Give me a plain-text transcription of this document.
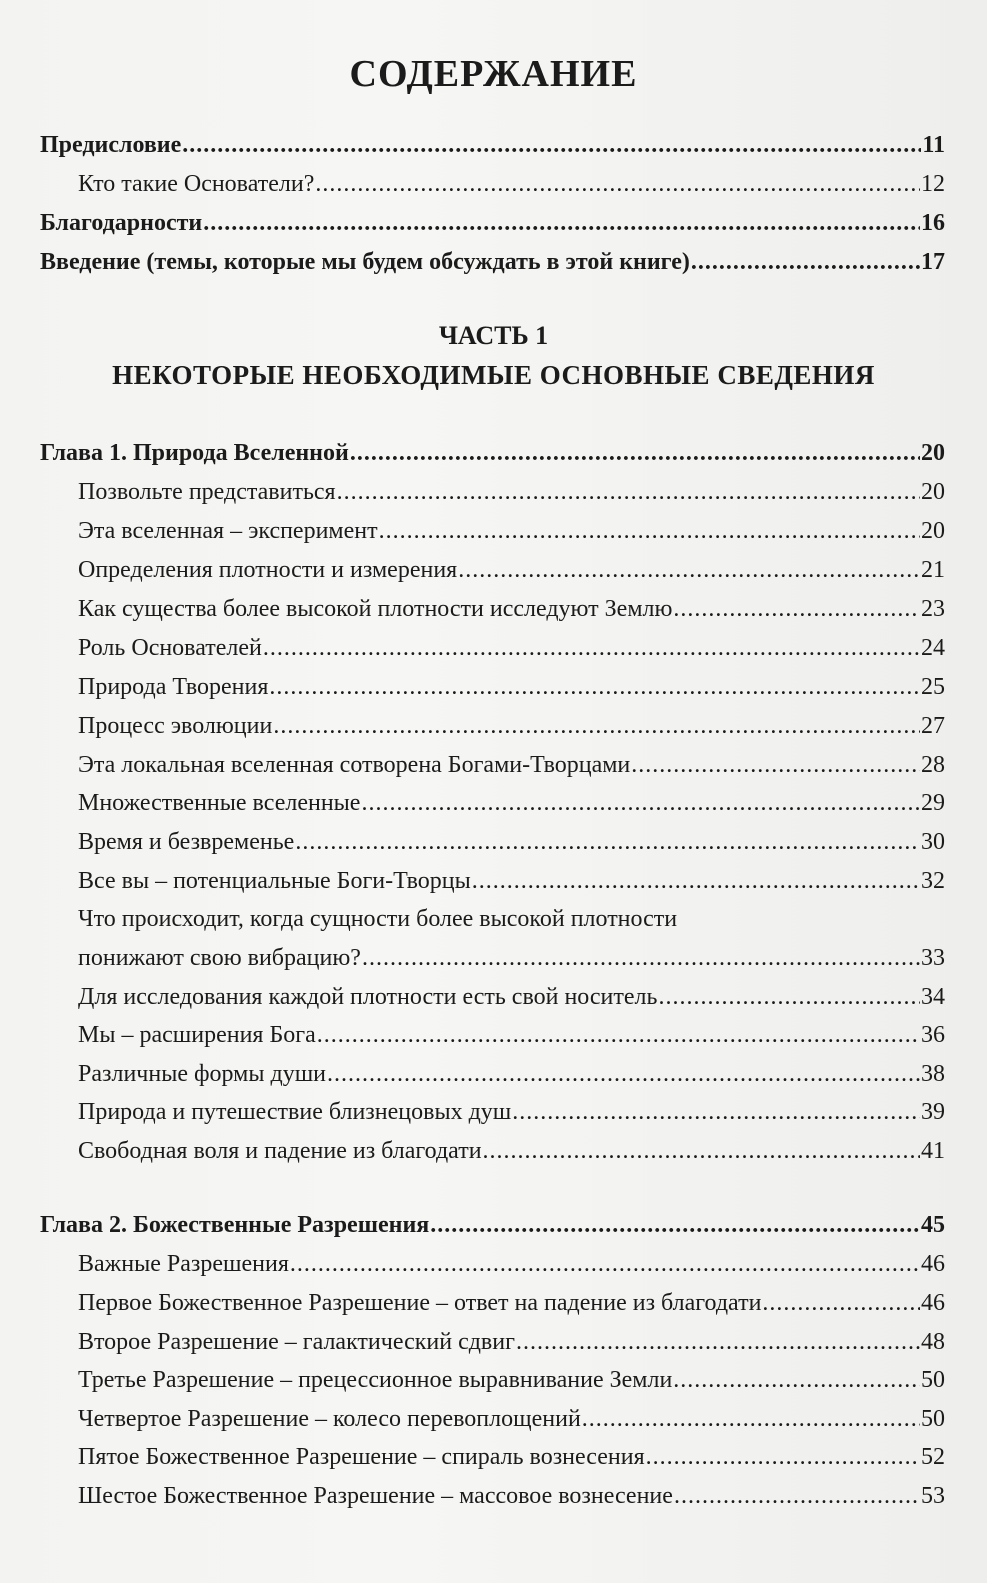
СОДЕРЖАНИЕ
Предисловие .....	11
Кто такие Основатели? .....	12
Благодарности .....	16
Введение (темы, которые мы будем обсуждать в этой книге) .....	17
ЧАСТЬ 1
НЕКОТОРЫЕ НЕОБХОДИМЫЕ ОСНОВНЫЕ СВЕДЕНИЯ
Глава 1. Природа Вселенной .....	20
Позвольте представиться .....	20
Эта вселенная – эксперимент .....	20
Определения плотности и измерения .....	21
Как существа более высокой плотности исследуют Землю .....	23
Роль Основателей .....	24
Природа Творения .....	25
Процесс эволюции .....	27
Эта локальная вселенная сотворена Богами-Творцами .....	28
Множественные вселенные .....	29
Время и безвременье .....	30
Все вы – потенциальные Боги-Творцы .....	32
Что происходит, когда сущности более высокой плотности
понижают свою вибрацию? .....	33
Для исследования каждой плотности есть свой носитель .....	34
Мы – расширения Бога .....	36
Различные формы души .....	38
Природа и путешествие близнецовых душ .....	39
Свободная воля и падение из благодати .....	41
Глава 2. Божественные Разрешения .....	45
Важные Разрешения .....	46
Первое Божественное Разрешение – ответ на падение из благодати .....	46
Второе Разрешение – галактический сдвиг .....	48
Третье Разрешение – прецессионное выравнивание Земли .....	50
Четвертое Разрешение – колесо перевоплощений .....	50
Пятое Божественное Разрешение – спираль вознесения .....	52
Шестое Божественное Разрешение – массовое вознесение .....	53
